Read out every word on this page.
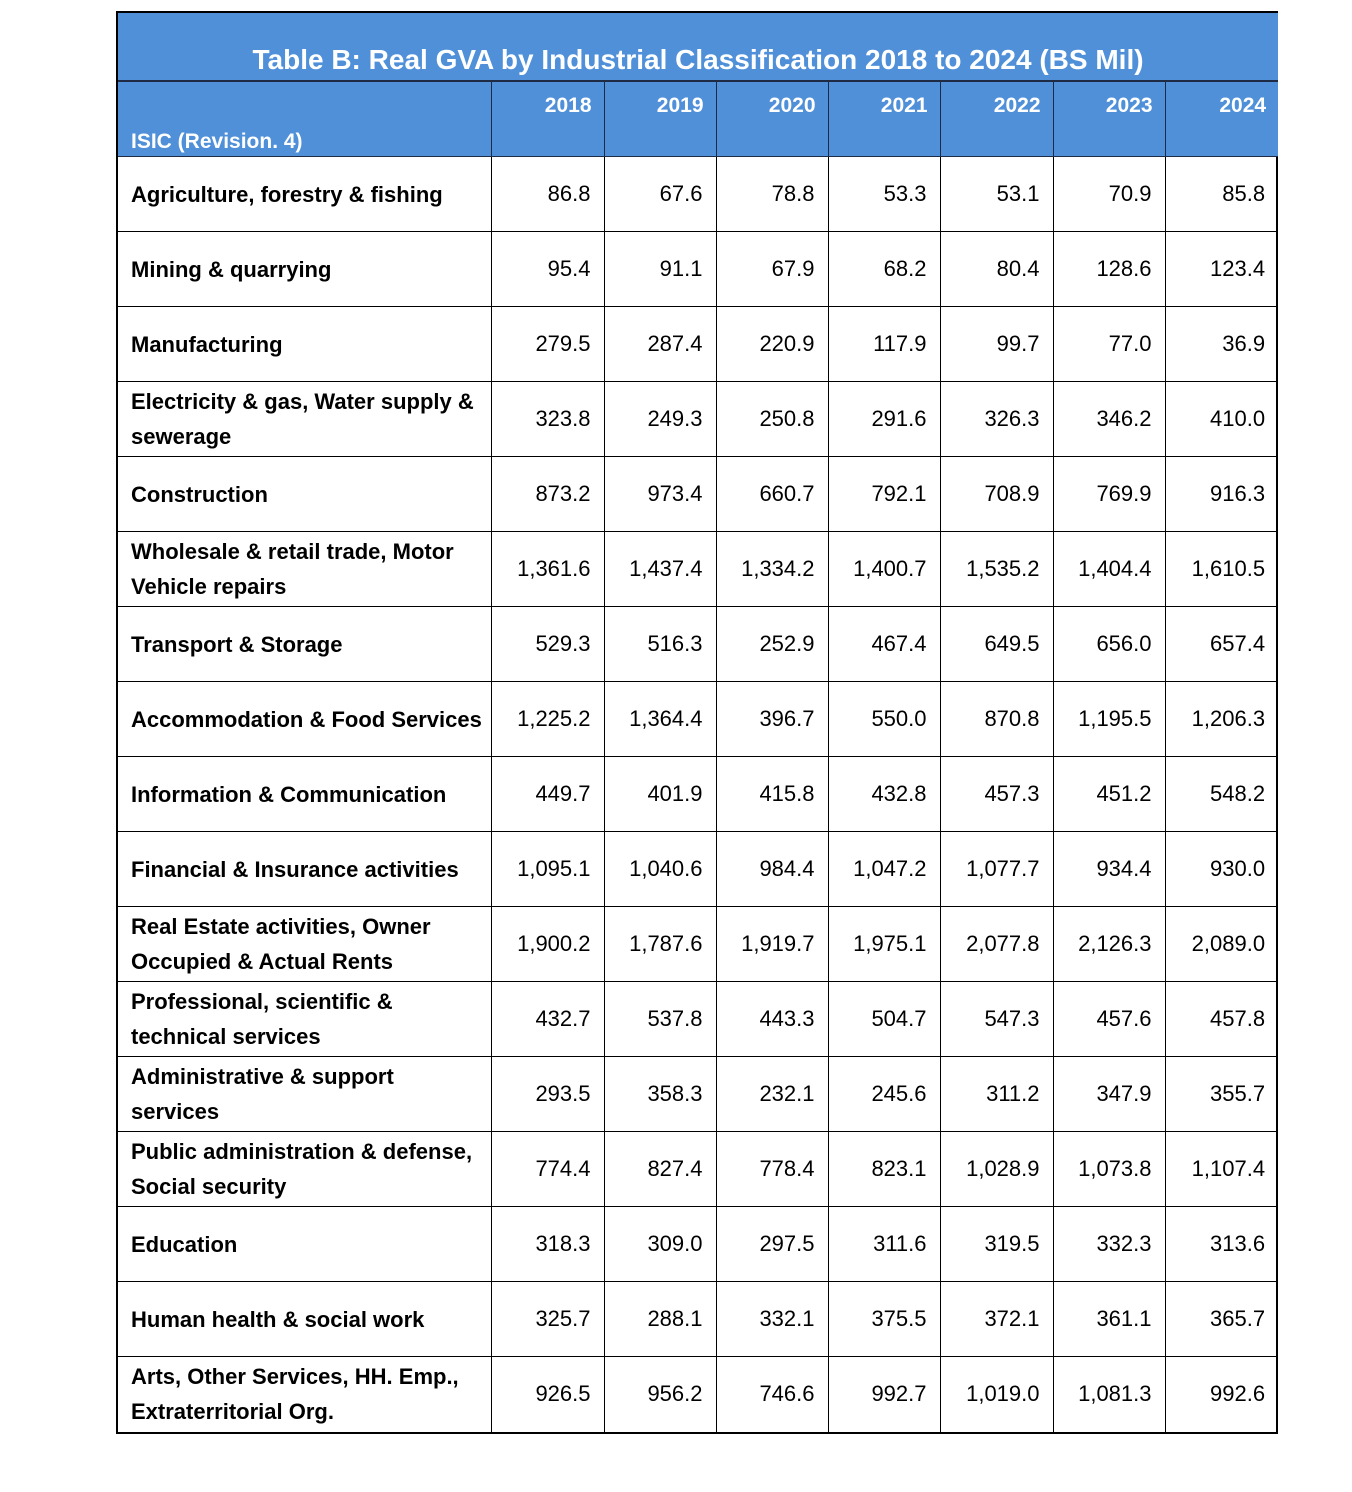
Table B: Real GVA by Industrial Classification 2018 to 2024 (BS Mil)							
ISIC (Revision. 4)	2018	2019	2020	2021	2022	2023	2024
Agriculture, forestry & fishing	86.8	67.6	78.8	53.3	53.1	70.9	85.8
Mining & quarrying	95.4	91.1	67.9	68.2	80.4	128.6	123.4
Manufacturing	279.5	287.4	220.9	117.9	99.7	77.0	36.9
Electricity & gas, Water supply & sewerage	323.8	249.3	250.8	291.6	326.3	346.2	410.0
Construction	873.2	973.4	660.7	792.1	708.9	769.9	916.3
Wholesale & retail trade, Motor Vehicle repairs	1,361.6	1,437.4	1,334.2	1,400.7	1,535.2	1,404.4	1,610.5
Transport & Storage	529.3	516.3	252.9	467.4	649.5	656.0	657.4
Accommodation & Food Services	1,225.2	1,364.4	396.7	550.0	870.8	1,195.5	1,206.3
Information & Communication	449.7	401.9	415.8	432.8	457.3	451.2	548.2
Financial & Insurance activities	1,095.1	1,040.6	984.4	1,047.2	1,077.7	934.4	930.0
Real Estate activities, Owner Occupied & Actual Rents	1,900.2	1,787.6	1,919.7	1,975.1	2,077.8	2,126.3	2,089.0
Professional, scientific & technical services	432.7	537.8	443.3	504.7	547.3	457.6	457.8
Administrative & support services	293.5	358.3	232.1	245.6	311.2	347.9	355.7
Public administration & defense, Social security	774.4	827.4	778.4	823.1	1,028.9	1,073.8	1,107.4
Education	318.3	309.0	297.5	311.6	319.5	332.3	313.6
Human health & social work	325.7	288.1	332.1	375.5	372.1	361.1	365.7
Arts, Other Services, HH. Emp., Extraterritorial Org.	926.5	956.2	746.6	992.7	1,019.0	1,081.3	992.6
